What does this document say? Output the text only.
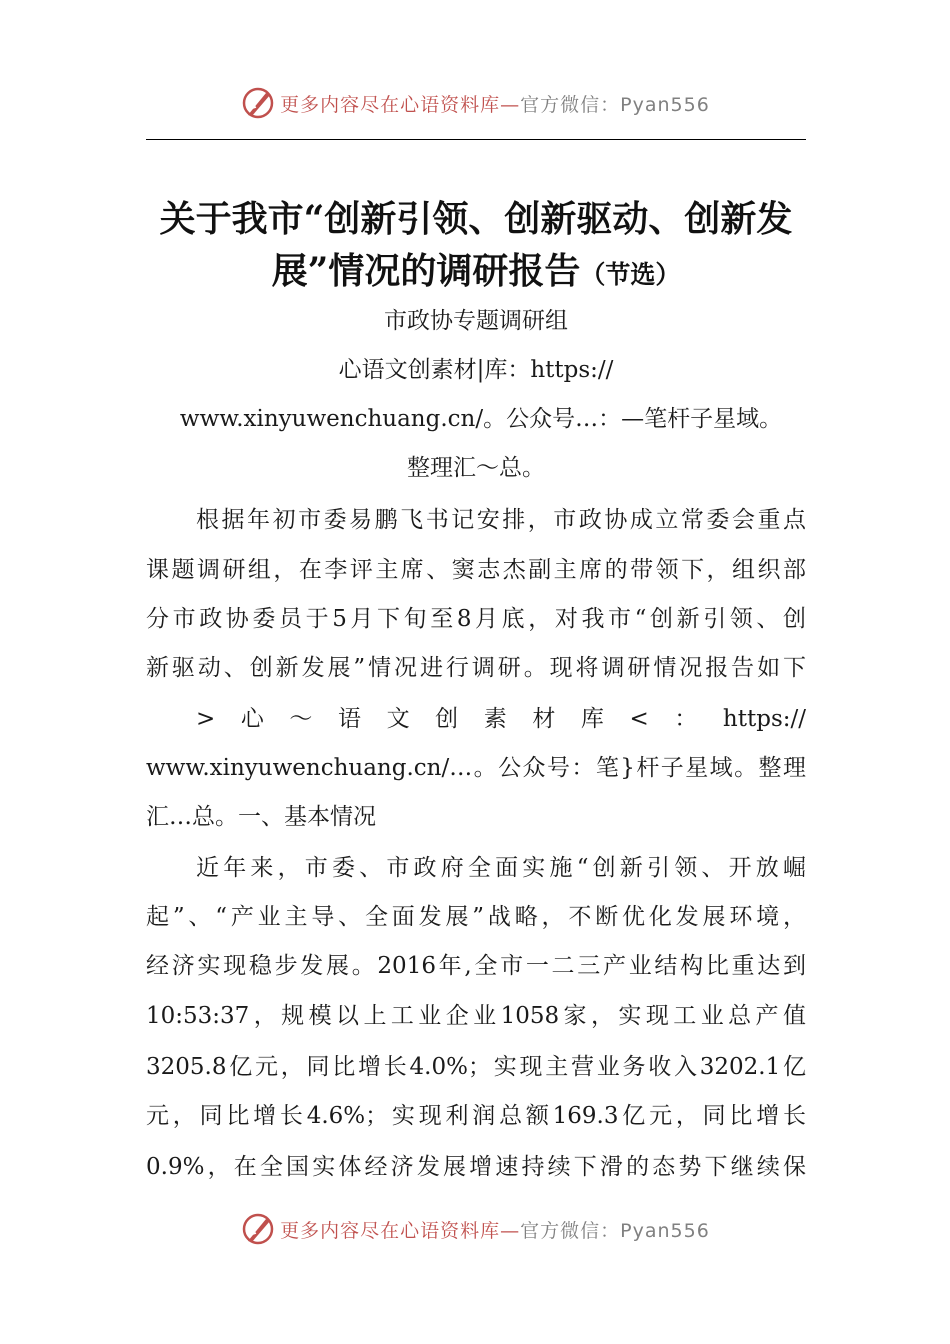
更多内容尽在心语资料库— 官方微信：Pyan556
关于我市“创新引领、创新驱动、创新发
展”情况的调研报告（节选）
市政协专题调研组
心语文创素材|库：https://
www.xinyuwenchuang.cn/。公众号…：—笔杆子星域。
整理汇～总。
根据年初市委易鹏飞书记安排，市政协成立常委会重点
课题调研组，在李评主席、窦志杰副主席的带领下，组织部
分市政协委员于5月下旬至8月底，对我市“创新引领、创
新驱动、创新发展”情况进行调研。现将调研情况报告如下
>心～语文创素材库<：https://
www.xinyuwenchuang.cn/…。公众号：笔}杆子星域。整理
汇…总。一、基本情况
近年来，市委、市政府全面实施“创新引领、开放崛
起”、“产业主导、全面发展”战略，不断优化发展环境，
经济实现稳步发展。2016年,全市一二三产业结构比重达到
10:53:37，规模以上工业企业1058家，实现工业总产值
3205.8亿元，同比增长4.0%；实现主营业务收入3202.1亿
元，同比增长4.6%；实现利润总额169.3亿元，同比增长
0.9%，在全国实体经济发展增速持续下滑的态势下继续保
更多内容尽在心语资料库— 官方微信：Pyan556
